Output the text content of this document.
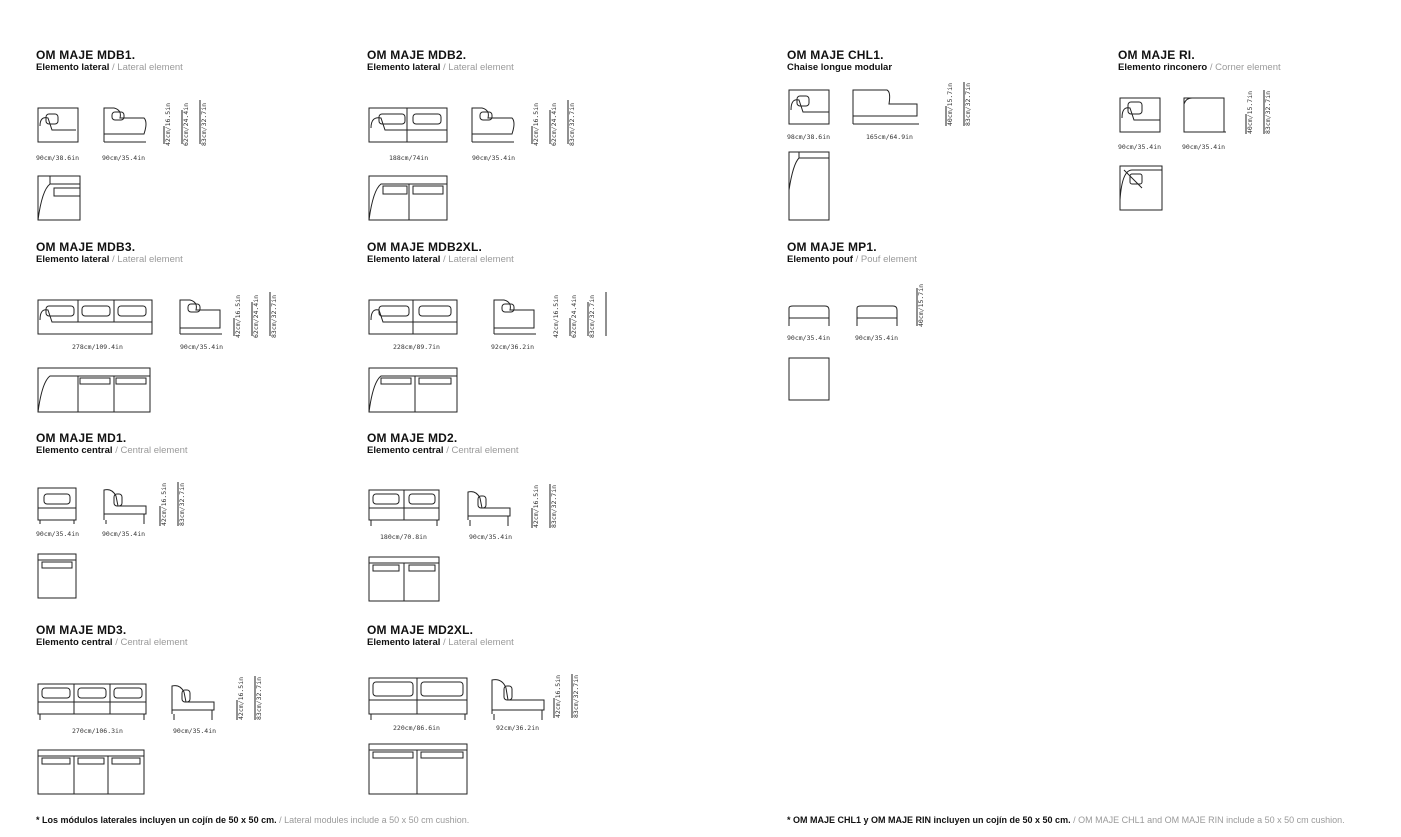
OM MAJE MDB1.
Elemento lateral / Lateral element
90cm/38.6in	90cm/35.4in
42cm/16.5in 62cm/24.4in 83cm/32.7in
OM MAJE MDB2.
Elemento lateral / Lateral element
188cm/74in	90cm/35.4in
42cm/16.5in 62cm/24.4in 83cm/32.7in
OM MAJE CHL1.
Chaise longue modular
98cm/38.6in	165cm/64.9in
40cm/15.7in 83cm/32.7in
OM MAJE RI.
Elemento rinconero / Corner element
90cm/35.4in	90cm/35.4in
40cm/15.7in 83cm/32.7in
OM MAJE MDB3.
Elemento lateral / Lateral element
278cm/109.4in	90cm/35.4in
42cm/16.5in 62cm/24.4in 83cm/32.7in
OM MAJE MDB2XL.
Elemento lateral / Lateral element
228cm/89.7in	92cm/36.2in
42cm/16.5in 62cm/24.4in 83cm/32.7in
OM MAJE MP1.
Elemento pouf / Pouf element
90cm/35.4in	90cm/35.4in
40cm/15.7in
OM MAJE MD1.
Elemento central / Central element
90cm/35.4in	90cm/35.4in
42cm/16.5in 83cm/32.7in
OM MAJE MD2.
Elemento central / Central element
180cm/70.8in	90cm/35.4in
42cm/16.5in 83cm/32.7in
OM MAJE MD3.
Elemento central / Central element
270cm/106.3in	90cm/35.4in
42cm/16.5in 83cm/32.7in
OM MAJE MD2XL.
Elemento lateral / Lateral element
220cm/86.6in	92cm/36.2in
42cm/16.5in 83cm/32.7in
* Los módulos laterales incluyen un cojín de 50 x 50 cm. / Lateral modules include a 50 x 50 cm cushion.	* OM MAJE CHL1 y OM MAJE RIN incluyen un cojín de 50 x 50 cm. / OM MAJE CHL1 and OM MAJE RIN include a 50 x 50 cm cushion.
